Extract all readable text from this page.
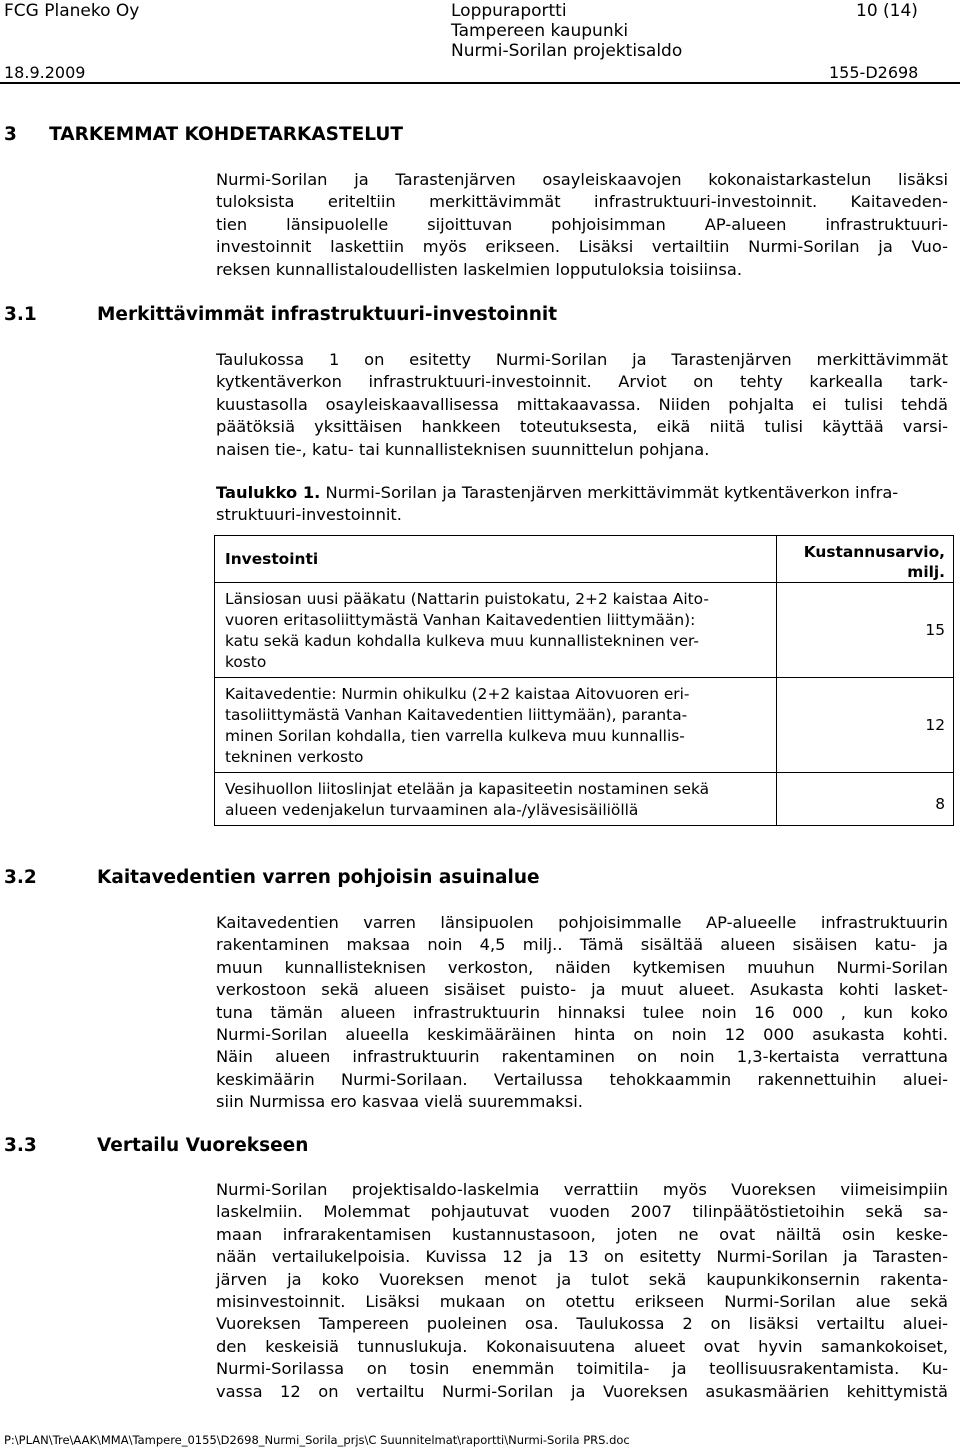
FCG Planeko Oy
18.9.2009
Loppuraportti
Tampereen kaupunki
Nurmi-Sorilan projektisaldo
10 (14)
155-D2698
3     TARKEMMAT KOHDETARKASTELUT
Nurmi-Sorilan ja Tarastenjärven osayleiskaavojen kokonaistarkastelun lisäksi
tuloksista eriteltiin merkittävimmät infrastruktuuri-investoinnit. Kaitaveden-
tien länsipuolelle sijoittuvan pohjoisimman AP-alueen infrastruktuuri-
investoinnit laskettiin myös erikseen. Lisäksi vertailtiin Nurmi-Sorilan ja Vuo-
reksen kunnallistaloudellisten laskelmien lopputuloksia toisiinsa.
3.1	Merkittävimmät infrastruktuuri-investoinnit
Taulukossa 1 on esitetty Nurmi-Sorilan ja Tarastenjärven merkittävimmät
kytkentäverkon infrastruktuuri-investoinnit. Arviot on tehty karkealla tark-
kuustasolla osayleiskaavallisessa mittakaavassa. Niiden pohjalta ei tulisi tehdä
päätöksiä yksittäisen hankkeen toteutuksesta, eikä niitä tulisi käyttää varsi-
naisen tie-, katu- tai kunnallisteknisen suunnittelun pohjana.
Taulukko 1. Nurmi-Sorilan ja Tarastenjärven merkittävimmät kytkentäverkon infra-
struktuuri-investoinnit.
Investointi	Kustannusarvio,
milj.

Länsiosan uusi pääkatu (Nattarin puistokatu, 2+2 kaistaa Aito-
vuoren eritasoliittymästä Vanhan Kaitavedentien liittymään):
katu sekä kadun kohdalla kulkeva muu kunnallistekninen ver-
kosto	15

Kaitavedentie: Nurmin ohikulku (2+2 kaistaa Aitovuoren eri-
tasoliittymästä Vanhan Kaitavedentien liittymään), paranta-
minen Sorilan kohdalla, tien varrella kulkeva muu kunnallis-
tekninen verkosto	12

Vesihuollon liitoslinjat etelään ja kapasiteetin nostaminen sekä
alueen vedenjakelun turvaaminen ala-/ylävesisäiliöllä	8
3.2	Kaitavedentien varren pohjoisin asuinalue
Kaitavedentien varren länsipuolen pohjoisimmalle AP-alueelle infrastruktuurin
rakentaminen maksaa noin 4,5 milj.. Tämä sisältää alueen sisäisen katu- ja
muun kunnallisteknisen verkoston, näiden kytkemisen muuhun Nurmi-Sorilan
verkostoon sekä alueen sisäiset puisto- ja muut alueet. Asukasta kohti lasket-
tuna tämän alueen infrastruktuurin hinnaksi tulee noin 16 000 , kun koko
Nurmi-Sorilan alueella keskimääräinen hinta on noin 12 000 asukasta kohti.
Näin alueen infrastruktuurin rakentaminen on noin 1,3-kertaista verrattuna
keskimäärin Nurmi-Sorilaan. Vertailussa tehokkaammin rakennettuihin aluei-
siin Nurmissa ero kasvaa vielä suuremmaksi.
3.3	Vertailu Vuorekseen
Nurmi-Sorilan projektisaldo-laskelmia verrattiin myös Vuoreksen viimeisimpiin
laskelmiin. Molemmat pohjautuvat vuoden 2007 tilinpäätöstietoihin sekä sa-
maan infrarakentamisen kustannustasoon, joten ne ovat näiltä osin keske-
nään vertailukelpoisia. Kuvissa 12 ja 13 on esitetty Nurmi-Sorilan ja Tarasten-
järven ja koko Vuoreksen menot ja tulot sekä kaupunkikonsernin rakenta-
misinvestoinnit. Lisäksi mukaan on otettu erikseen Nurmi-Sorilan alue sekä
Vuoreksen Tampereen puoleinen osa. Taulukossa 2 on lisäksi vertailtu aluei-
den keskeisiä tunnuslukuja. Kokonaisuutena alueet ovat hyvin samankokoiset,
Nurmi-Sorilassa on tosin enemmän toimitila- ja teollisuusrakentamista. Ku-
vassa 12 on vertailtu Nurmi-Sorilan ja Vuoreksen asukasmäärien kehittymistä
P:\PLAN\Tre\AAK\MMA\Tampere_0155\D2698_Nurmi_Sorila_prjs\C Suunnitelmat\raportti\Nurmi-Sorila PRS.doc
